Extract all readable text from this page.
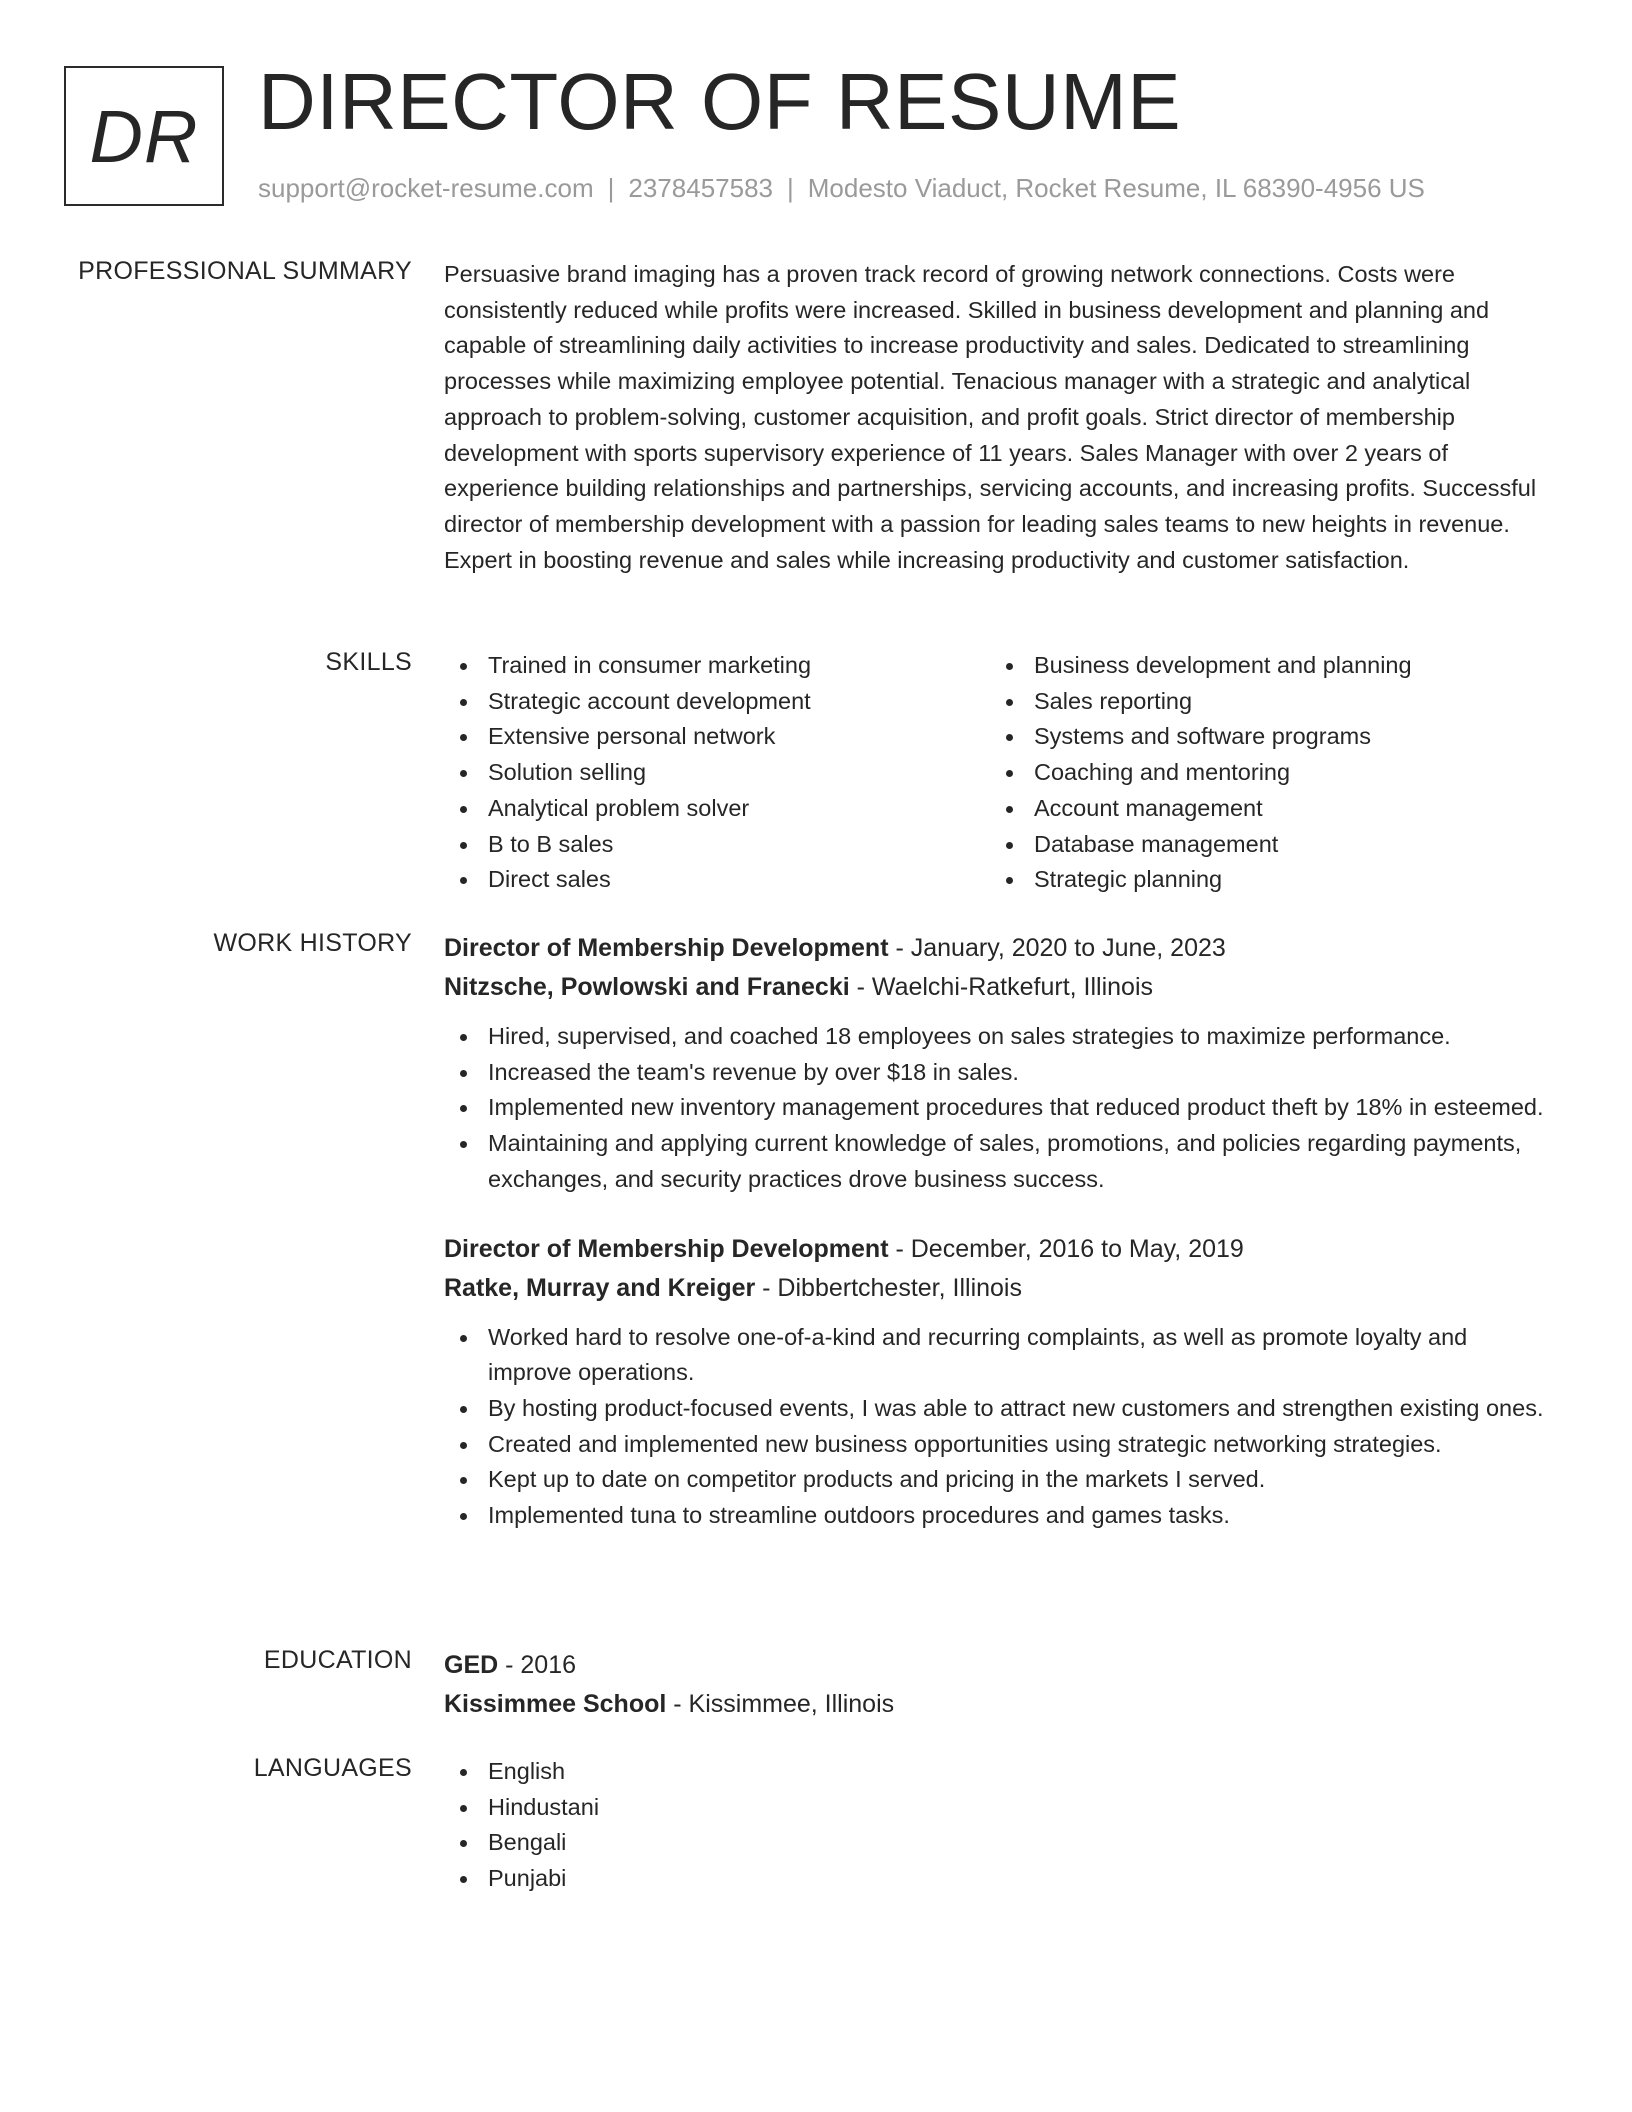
DR DIRECTOR OF RESUME
support@rocket-resume.com | 2378457583 | Modesto Viaduct, Rocket Resume, IL 68390-4956 US
PROFESSIONAL SUMMARY Persuasive brand imaging has a proven track record of growing network connections. Costs were consistently reduced while profits were increased. Skilled in business development and planning and capable of streamlining daily activities to increase productivity and sales. Dedicated to streamlining processes while maximizing employee potential. Tenacious manager with a strategic and analytical approach to problem-solving, customer acquisition, and profit goals. Strict director of membership development with sports supervisory experience of 11 years. Sales Manager with over 2 years of experience building relationships and partnerships, servicing accounts, and increasing profits. Successful director of membership development with a passion for leading sales teams to new heights in revenue. Expert in boosting revenue and sales while increasing productivity and customer satisfaction.
SKILLS	Trained in consumer marketing
Strategic account development
Extensive personal network
Solution selling
Analytical problem solver
B to B sales
Direct sales
Business development and planning
Sales reporting
Systems and software programs
Coaching and mentoring
Account management
Database management
Strategic planning
WORK HISTORY Director of Membership Development - January, 2020 to June, 2023
Nitzsche, Powlowski and Franecki - Waelchi-Ratkefurt, Illinois
Hired, supervised, and coached 18 employees on sales strategies to maximize performance.
Increased the team's revenue by over $18 in sales.
Implemented new inventory management procedures that reduced product theft by 18% in esteemed.
Maintaining and applying current knowledge of sales, promotions, and policies regarding payments, exchanges, and security practices drove business success.
Director of Membership Development - December, 2016 to May, 2019
Ratke, Murray and Kreiger - Dibbertchester, Illinois
Worked hard to resolve one-of-a-kind and recurring complaints, as well as promote loyalty and improve operations.
By hosting product-focused events, I was able to attract new customers and strengthen existing ones.
Created and implemented new business opportunities using strategic networking strategies.
Kept up to date on competitor products and pricing in the markets I served.
Implemented tuna to streamline outdoors procedures and games tasks.
EDUCATION GED - 2016
Kissimmee School - Kissimmee, Illinois
LANGUAGES	English
Hindustani
Bengali
Punjabi
